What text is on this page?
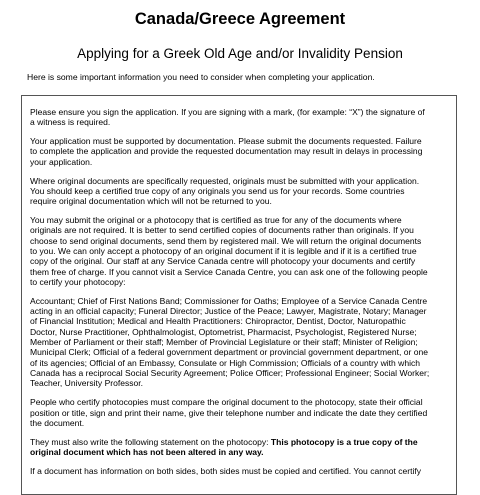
Canada/Greece Agreement
Applying for a Greek Old Age and/or Invalidity Pension
Here is some important information you need to consider when completing your application.

Please ensure you sign the application. If you are signing with a mark, (for example: “X”) the signature of
a witness is required.

Your application must be supported by documentation. Please submit the documents requested. Failure
to complete the application and provide the requested documentation may result in delays in processing
your application.

Where original documents are specifically requested, originals must be submitted with your application.
You should keep a certified true copy of any originals you send us for your records. Some countries
require original documentation which will not be returned to you.

You may submit the original or a photocopy that is certified as true for any of the documents where
originals are not required. It is better to send certified copies of documents rather than originals. If you
choose to send original documents, send them by registered mail. We will return the original documents
to you. We can only accept a photocopy of an original document if it is legible and if it is a certified true
copy of the original. Our staff at any Service Canada centre will photocopy your documents and certify
them free of charge. If you cannot visit a Service Canada Centre, you can ask one of the following people
to certify your photocopy:

Accountant; Chief of First Nations Band; Commissioner for Oaths; Employee of a Service Canada Centre
acting in an official capacity; Funeral Director; Justice of the Peace; Lawyer, Magistrate, Notary; Manager
of Financial Institution; Medical and Health Practitioners: Chiropractor, Dentist, Doctor, Naturopathic
Doctor, Nurse Practitioner, Ophthalmologist, Optometrist, Pharmacist, Psychologist, Registered Nurse;
Member of Parliament or their staff; Member of Provincial Legislature or their staff; Minister of Religion;
Municipal Clerk; Official of a federal government department or provincial government department, or one
of its agencies; Official of an Embassy, Consulate or High Commission; Officials of a country with which
Canada has a reciprocal Social Security Agreement; Police Officer; Professional Engineer; Social Worker;
Teacher, University Professor.

People who certify photocopies must compare the original document to the photocopy, state their official
position or title, sign and print their name, give their telephone number and indicate the date they certified
the document.

They must also write the following statement on the photocopy: This photocopy is a true copy of the
original document which has not been altered in any way.

If a document has information on both sides, both sides must be copied and certified. You cannot certify
